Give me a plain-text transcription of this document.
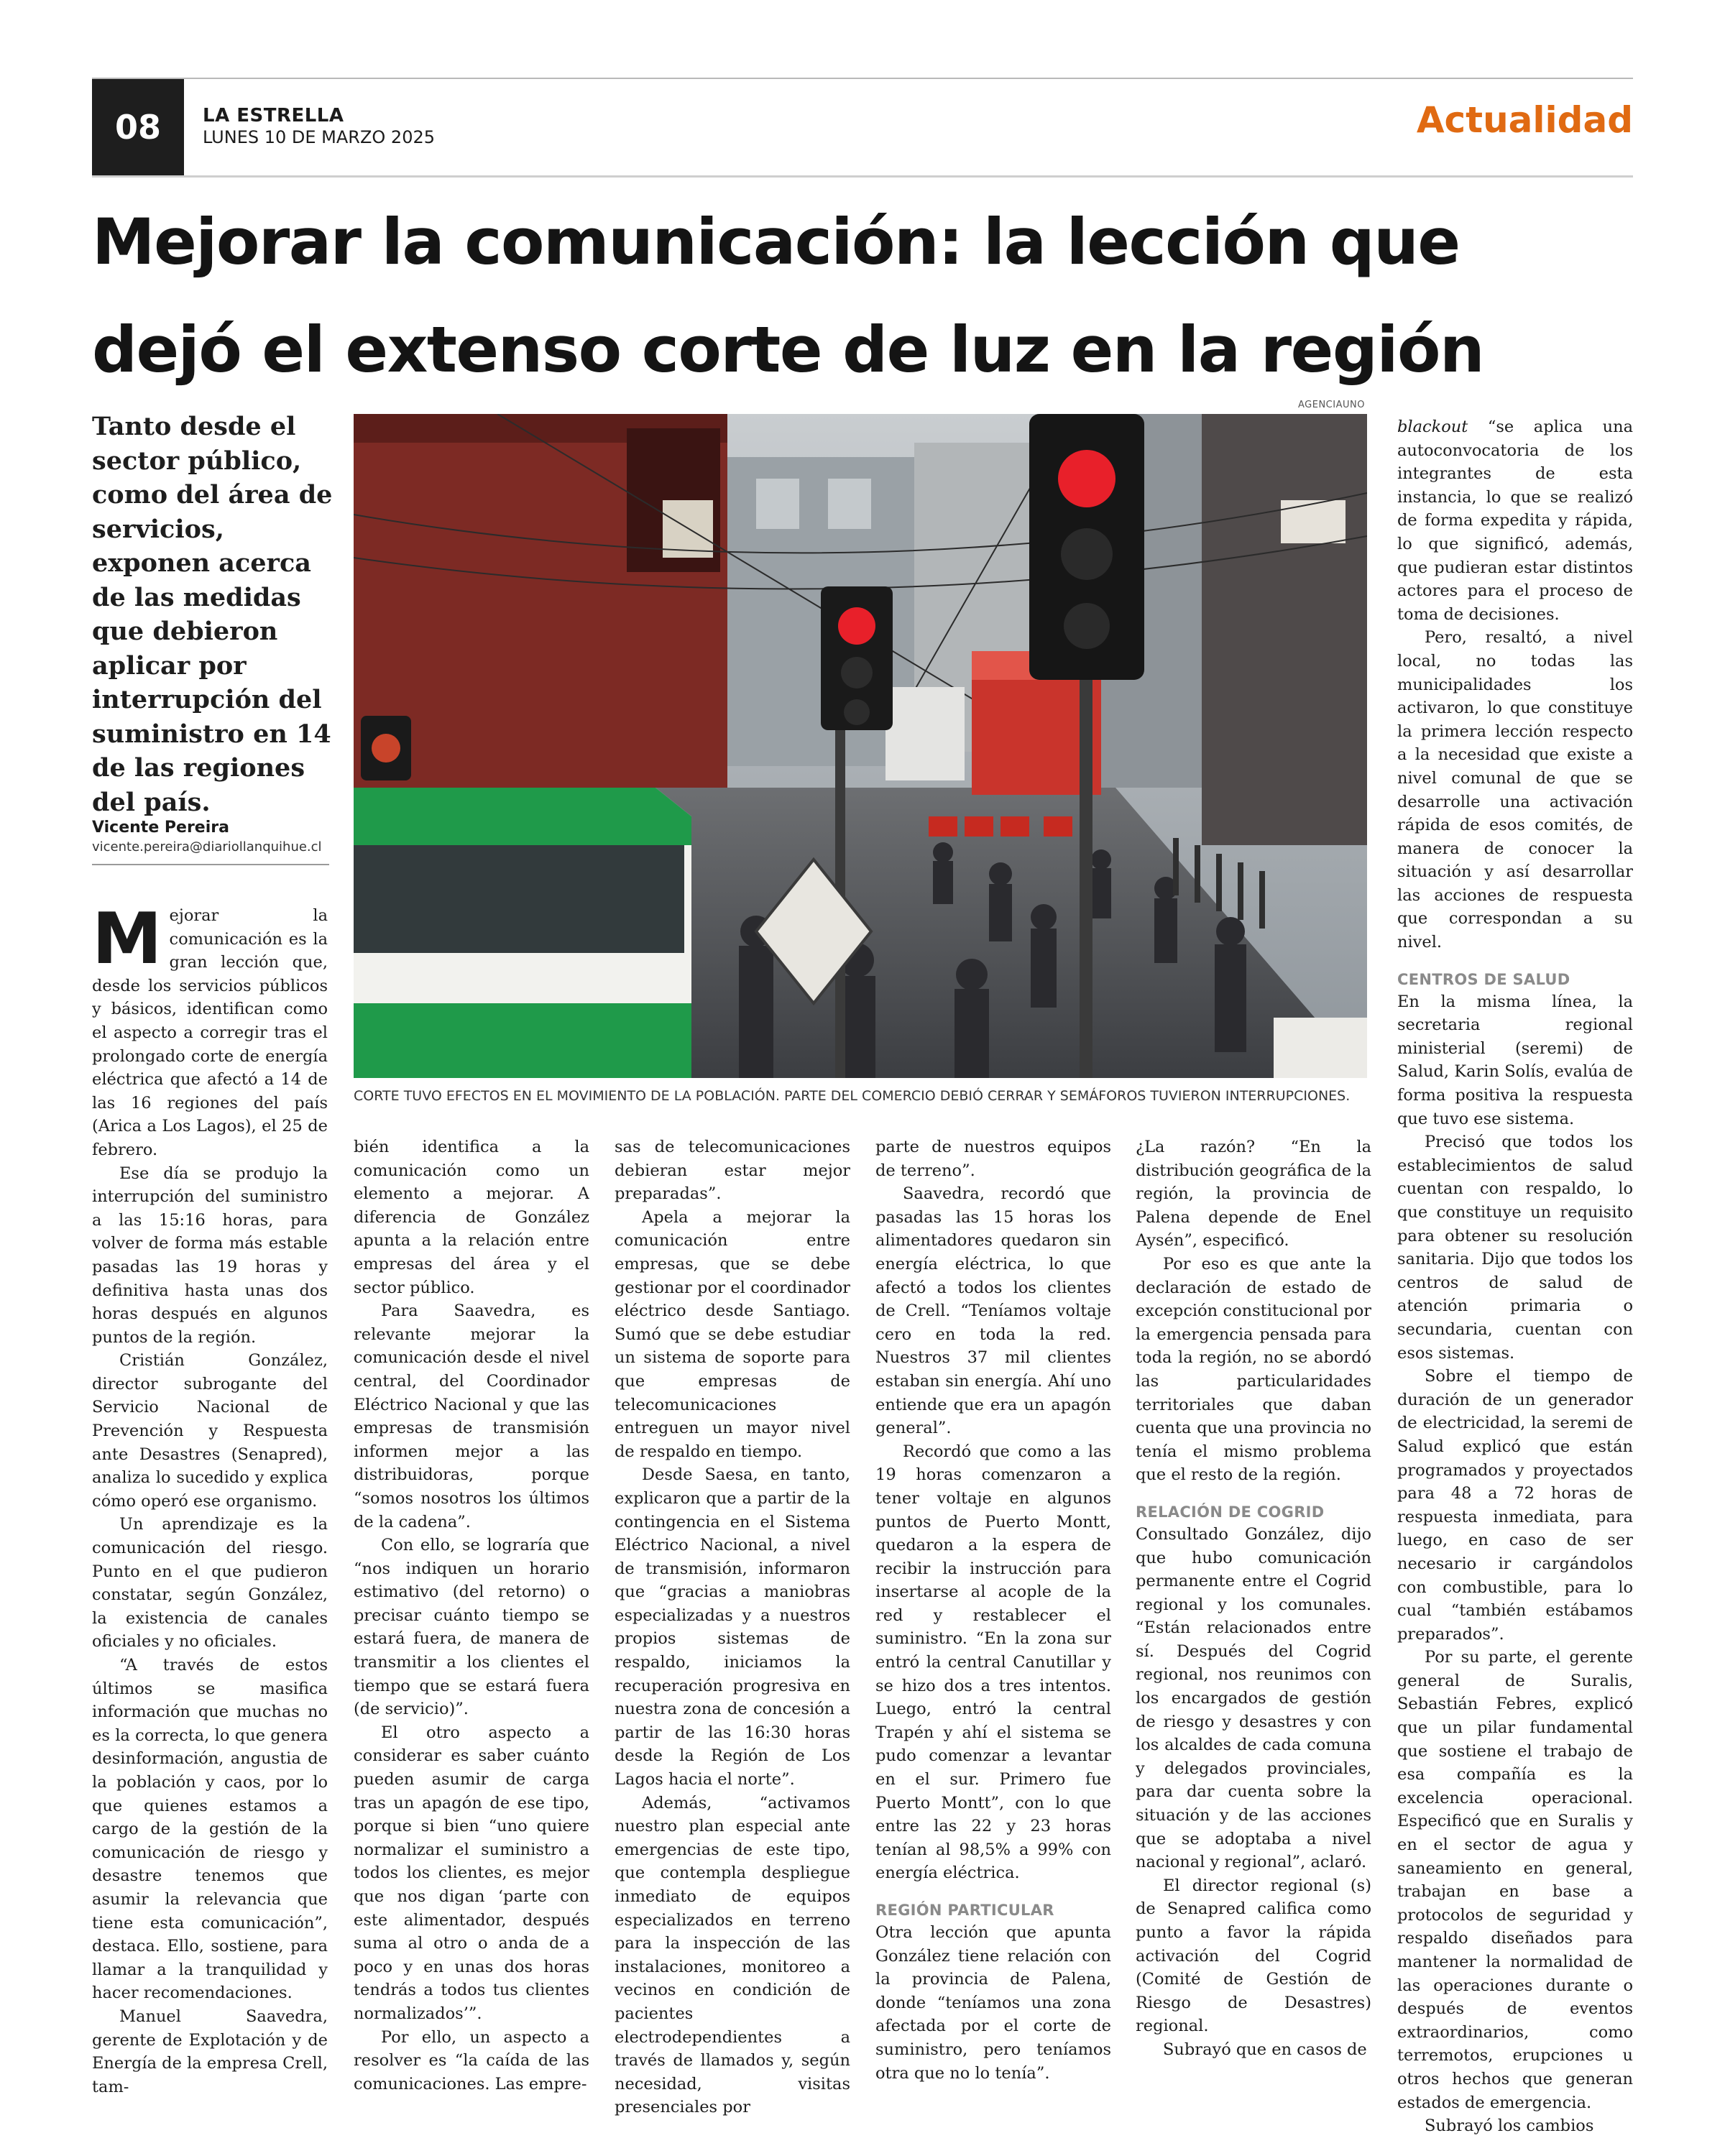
08	LA ESTRELLA
LUNES 10 DE MARZO 2025	Actualidad
Mejorar la comunicación: la lección que
dejó el extenso corte de luz en la región
Tanto desde el sector público, como del área de servicios, exponen acerca de las medidas que debieron aplicar por interrupción del suministro en 14 de las regiones del país.
Vicente Pereira
vicente.pereira@diariollanquihue.cl
AGENCIAUNO
CORTE TUVO EFECTOS EN EL MOVIMIENTO DE LA POBLACIÓN. PARTE DEL COMERCIO DEBIÓ CERRAR Y SEMÁFOROS TUVIERON INTERRUPCIONES.
M ejorar la comunicación es la gran lección que, desde los servicios públicos y básicos, identifican como el aspecto a corregir tras el prolongado corte de energía eléctrica que afectó a 14 de las 16 regiones del país (Arica a Los Lagos), el 25 de febrero.

Ese día se produjo la interrupción del suministro a las 15:16 horas, para volver de forma más estable pasadas las 19 horas y definitiva hasta unas dos horas después en algunos puntos de la región.

Cristián González, director subrogante del Servicio Nacional de Prevención y Respuesta ante Desastres (Senapred), analiza lo sucedido y explica cómo operó ese organismo.

Un aprendizaje es la comunicación del riesgo. Punto en el que pudieron constatar, según González, la existencia de canales oficiales y no oficiales.

“A través de estos últimos se masifica información que muchas no es la correcta, lo que genera desinformación, angustia de la población y caos, por lo que quienes estamos a cargo de la gestión de la comunicación de riesgo y desastre tenemos que asumir la relevancia que tiene esta comunicación”, destaca. Ello, sostiene, para llamar a la tranquilidad y hacer recomendaciones.

Manuel Saavedra, gerente de Explotación y de Energía de la empresa Crell, tam-

bién identifica a la comunicación como un elemento a mejorar. A diferencia de González apunta a la relación entre empresas del área y el sector público.

Para Saavedra, es relevante mejorar la comunicación desde el nivel central, del Coordinador Eléctrico Nacional y que las empresas de transmisión informen mejor a las distribuidoras, porque “somos nosotros los últimos de la cadena”.

Con ello, se lograría que “nos indiquen un horario estimativo (del retorno) o precisar cuánto tiempo se estará fuera, de manera de transmitir a los clientes el tiempo que se estará fuera (de servicio)”.

El otro aspecto a considerar es saber cuánto pueden asumir de carga tras un apagón de ese tipo, porque si bien “uno quiere normalizar el suministro a todos los clientes, es mejor que nos digan ‘parte con este alimentador, después suma al otro o anda de a poco y en unas dos horas tendrás a todos tus clientes normalizados’”.

Por ello, un aspecto a resolver es “la caída de las comunicaciones. Las empre-

sas de telecomunicaciones debieran estar mejor preparadas”.

Apela a mejorar la comunicación entre empresas, que se debe gestionar por el coordinador eléctrico desde Santiago. Sumó que se debe estudiar un sistema de soporte para que empresas de telecomunicaciones entreguen un mayor nivel de respaldo en tiempo.

Desde Saesa, en tanto, explicaron que a partir de la contingencia en el Sistema Eléctrico Nacional, a nivel de transmisión, informaron que “gracias a maniobras especializadas y a nuestros propios sistemas de respaldo, iniciamos la recuperación progresiva en nuestra zona de concesión a partir de las 16:30 horas desde la Región de Los Lagos hacia el norte”.

Además, “activamos nuestro plan especial ante emergencias de este tipo, que contempla despliegue inmediato de equipos especializados en terreno para la inspección de las instalaciones, monitoreo a vecinos en condición de pacientes electrodependientes a través de llamados y, según necesidad, visitas presenciales por

parte de nuestros equipos de terreno”.

Saavedra, recordó que pasadas las 15 horas los alimentadores quedaron sin energía eléctrica, lo que afectó a todos los clientes de Crell. “Teníamos voltaje cero en toda la red. Nuestros 37 mil clientes estaban sin energía. Ahí uno entiende que era un apagón general”.

Recordó que como a las 19 horas comenzaron a tener voltaje en algunos puntos de Puerto Montt, quedaron a la espera de recibir la instrucción para insertarse al acople de la red y restablecer el suministro. “En la zona sur entró la central Canutillar y se hizo dos a tres intentos. Luego, entró la central Trapén y ahí el sistema se pudo comenzar a levantar en el sur. Primero fue Puerto Montt”, con lo que entre las 22 y 23 horas tenían al 98,5% a 99% con energía eléctrica.

REGIÓN PARTICULAR

Otra lección que apunta González tiene relación con la provincia de Palena, donde “teníamos una zona afectada por el corte de suministro, pero teníamos otra que no lo tenía”.

¿La razón? “En la distribución geográfica de la región, la provincia de Palena depende de Enel Aysén”, especificó.

Por eso es que ante la declaración de estado de excepción constitucional por la emergencia pensada para toda la región, no se abordó las particularidades territoriales que daban cuenta que una provincia no tenía el mismo problema que el resto de la región.

RELACIÓN DE COGRID

Consultado González, dijo que hubo comunicación permanente entre el Cogrid regional y los comunales. “Están relacionados entre sí. Después del Cogrid regional, nos reunimos con los encargados de gestión de riesgo y desastres y con los alcaldes de cada comuna y delegados provinciales, para dar cuenta sobre la situación y de las acciones que se adoptaba a nivel nacional y regional”, aclaró.

El director regional (s) de Senapred califica como punto a favor la rápida activación del Cogrid (Comité de Gestión de Riesgo de Desastres) regional.

Subrayó que en casos de

blackout “se aplica una autoconvocatoria de los integrantes de esta instancia, lo que se realizó de forma expedita y rápida, lo que significó, además, que pudieran estar distintos actores para el proceso de toma de decisiones.

Pero, resaltó, a nivel local, no todas las municipalidades los activaron, lo que constituye la primera lección respecto a la necesidad que existe a nivel comunal de que se desarrolle una activación rápida de esos comités, de manera de conocer la situación y así desarrollar las acciones de respuesta que correspondan a su nivel.

CENTROS DE SALUD

En la misma línea, la secretaria regional ministerial (seremi) de Salud, Karin Solís, evalúa de forma positiva la respuesta que tuvo ese sistema.

Precisó que todos los establecimientos de salud cuentan con respaldo, lo que constituye un requisito para obtener su resolución sanitaria. Dijo que todos los centros de salud de atención primaria o secundaria, cuentan con esos sistemas.

Sobre el tiempo de duración de un generador de electricidad, la seremi de Salud explicó que están programados y proyectados para 48 a 72 horas de respuesta inmediata, para luego, en caso de ser necesario ir cargándolos con combustible, para lo cual “también estábamos preparados”.

Por su parte, el gerente general de Suralis, Sebastián Febres, explicó que un pilar fundamental que sostiene el trabajo de esa compañía es la excelencia operacional. Especificó que en Suralis y en el sector de agua y saneamiento en general, trabajan en base a protocolos de seguridad y respaldo diseñados para mantener la normalidad de las operaciones durante o después de eventos extraordinarios, como terremotos, erupciones u otros hechos que generan estados de emergencia.

Subrayó los cambios
